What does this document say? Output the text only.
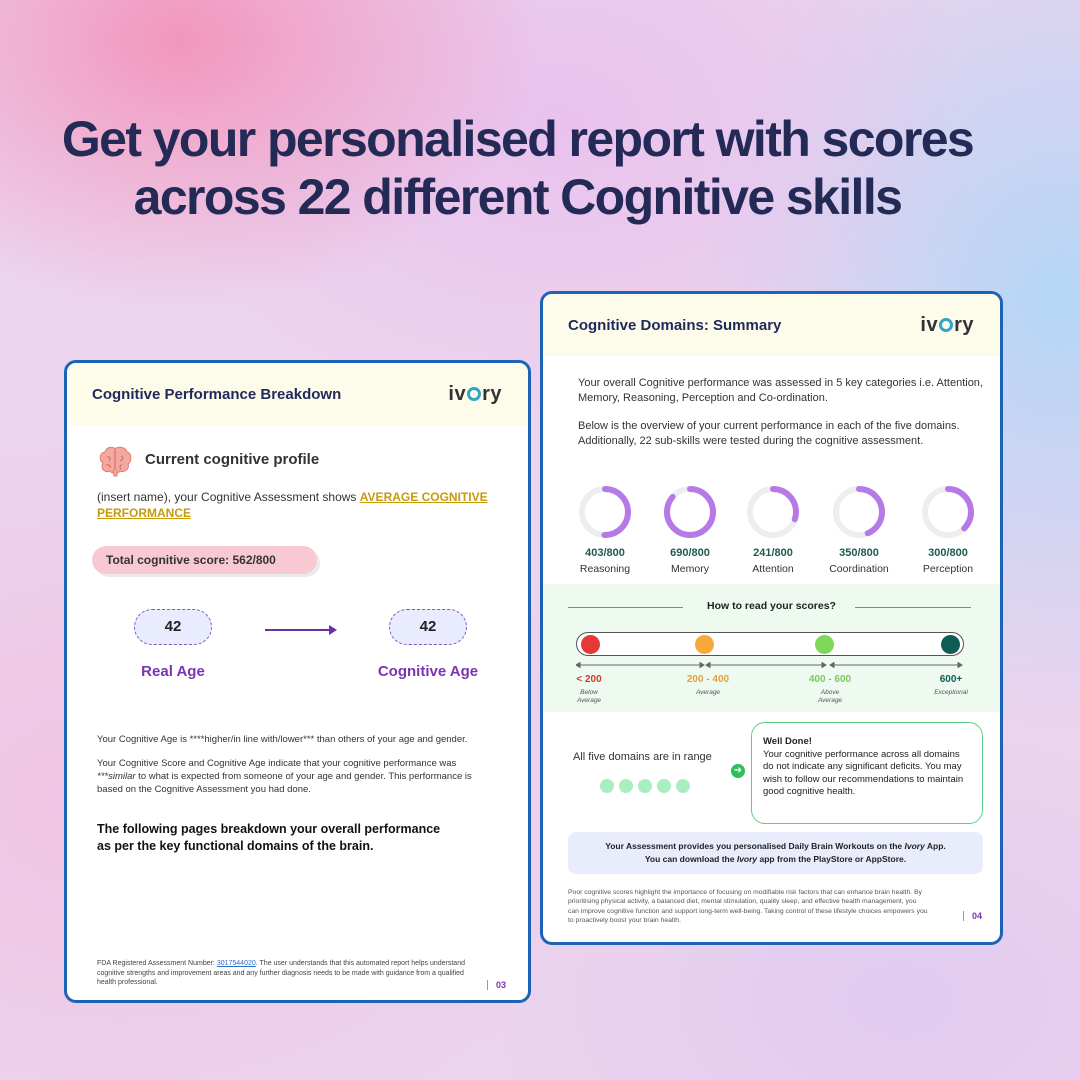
Get your personalised report with scores
across 22 different Cognitive skills
Cognitive Performance Breakdown	iv ry
Current cognitive profile
(insert name), your Cognitive Assessment shows AVERAGE COGNITIVE PERFORMANCE
Total cognitive score: 562/800
42	42
Real Age	Cognitive Age
Your Cognitive Age is ****higher/in line with/lower*** than others of your age and gender.
Your Cognitive Score and Cognitive Age indicate that your cognitive performance was ***similar to what is expected from someone of your age and gender. This performance is based on the Cognitive Assessment you had done.
The following pages breakdown your overall performance as per the key functional domains of the brain.
FDA Registered Assessment Number: 3017544020. The user understands that this automated report helps understand cognitive strengths and improvement areas and any further diagnosis needs to be made with guidance from a qualified health professional.	03
Cognitive Domains: Summary	iv ry
Your overall Cognitive performance was assessed in 5 key categories i.e. Attention, Memory, Reasoning, Perception and Co-ordination.
Below is the overview of your current performance in each of the five domains. Additionally, 22 sub-skills were tested during the cognitive assessment.
How to read your scores?
< 200
Below Average
200 - 400
Average
400 - 600
Above Average
600+
Exceptional
All five domains are in range
➜
Well Done!
Your cognitive performance across all domains do not indicate any significant deficits. You may wish to follow our recommendations to maintain good cognitive health.
Your Assessment provides you personalised Daily Brain Workouts on the Ivory App.
You can download the Ivory app from the PlayStore or AppStore.
Poor cognitive scores highlight the importance of focusing on modifiable risk factors that can enhance brain health. By prioritising physical activity, a balanced diet, mental stimulation, quality sleep, and effective health management, you can improve cognitive function and support long-term well-being. Taking control of these lifestyle choices empowers you to proactively boost your brain health.	04
403/800
Reasoning
690/800
Memory
241/800
Attention
350/800
Coordination
300/800
Perception
